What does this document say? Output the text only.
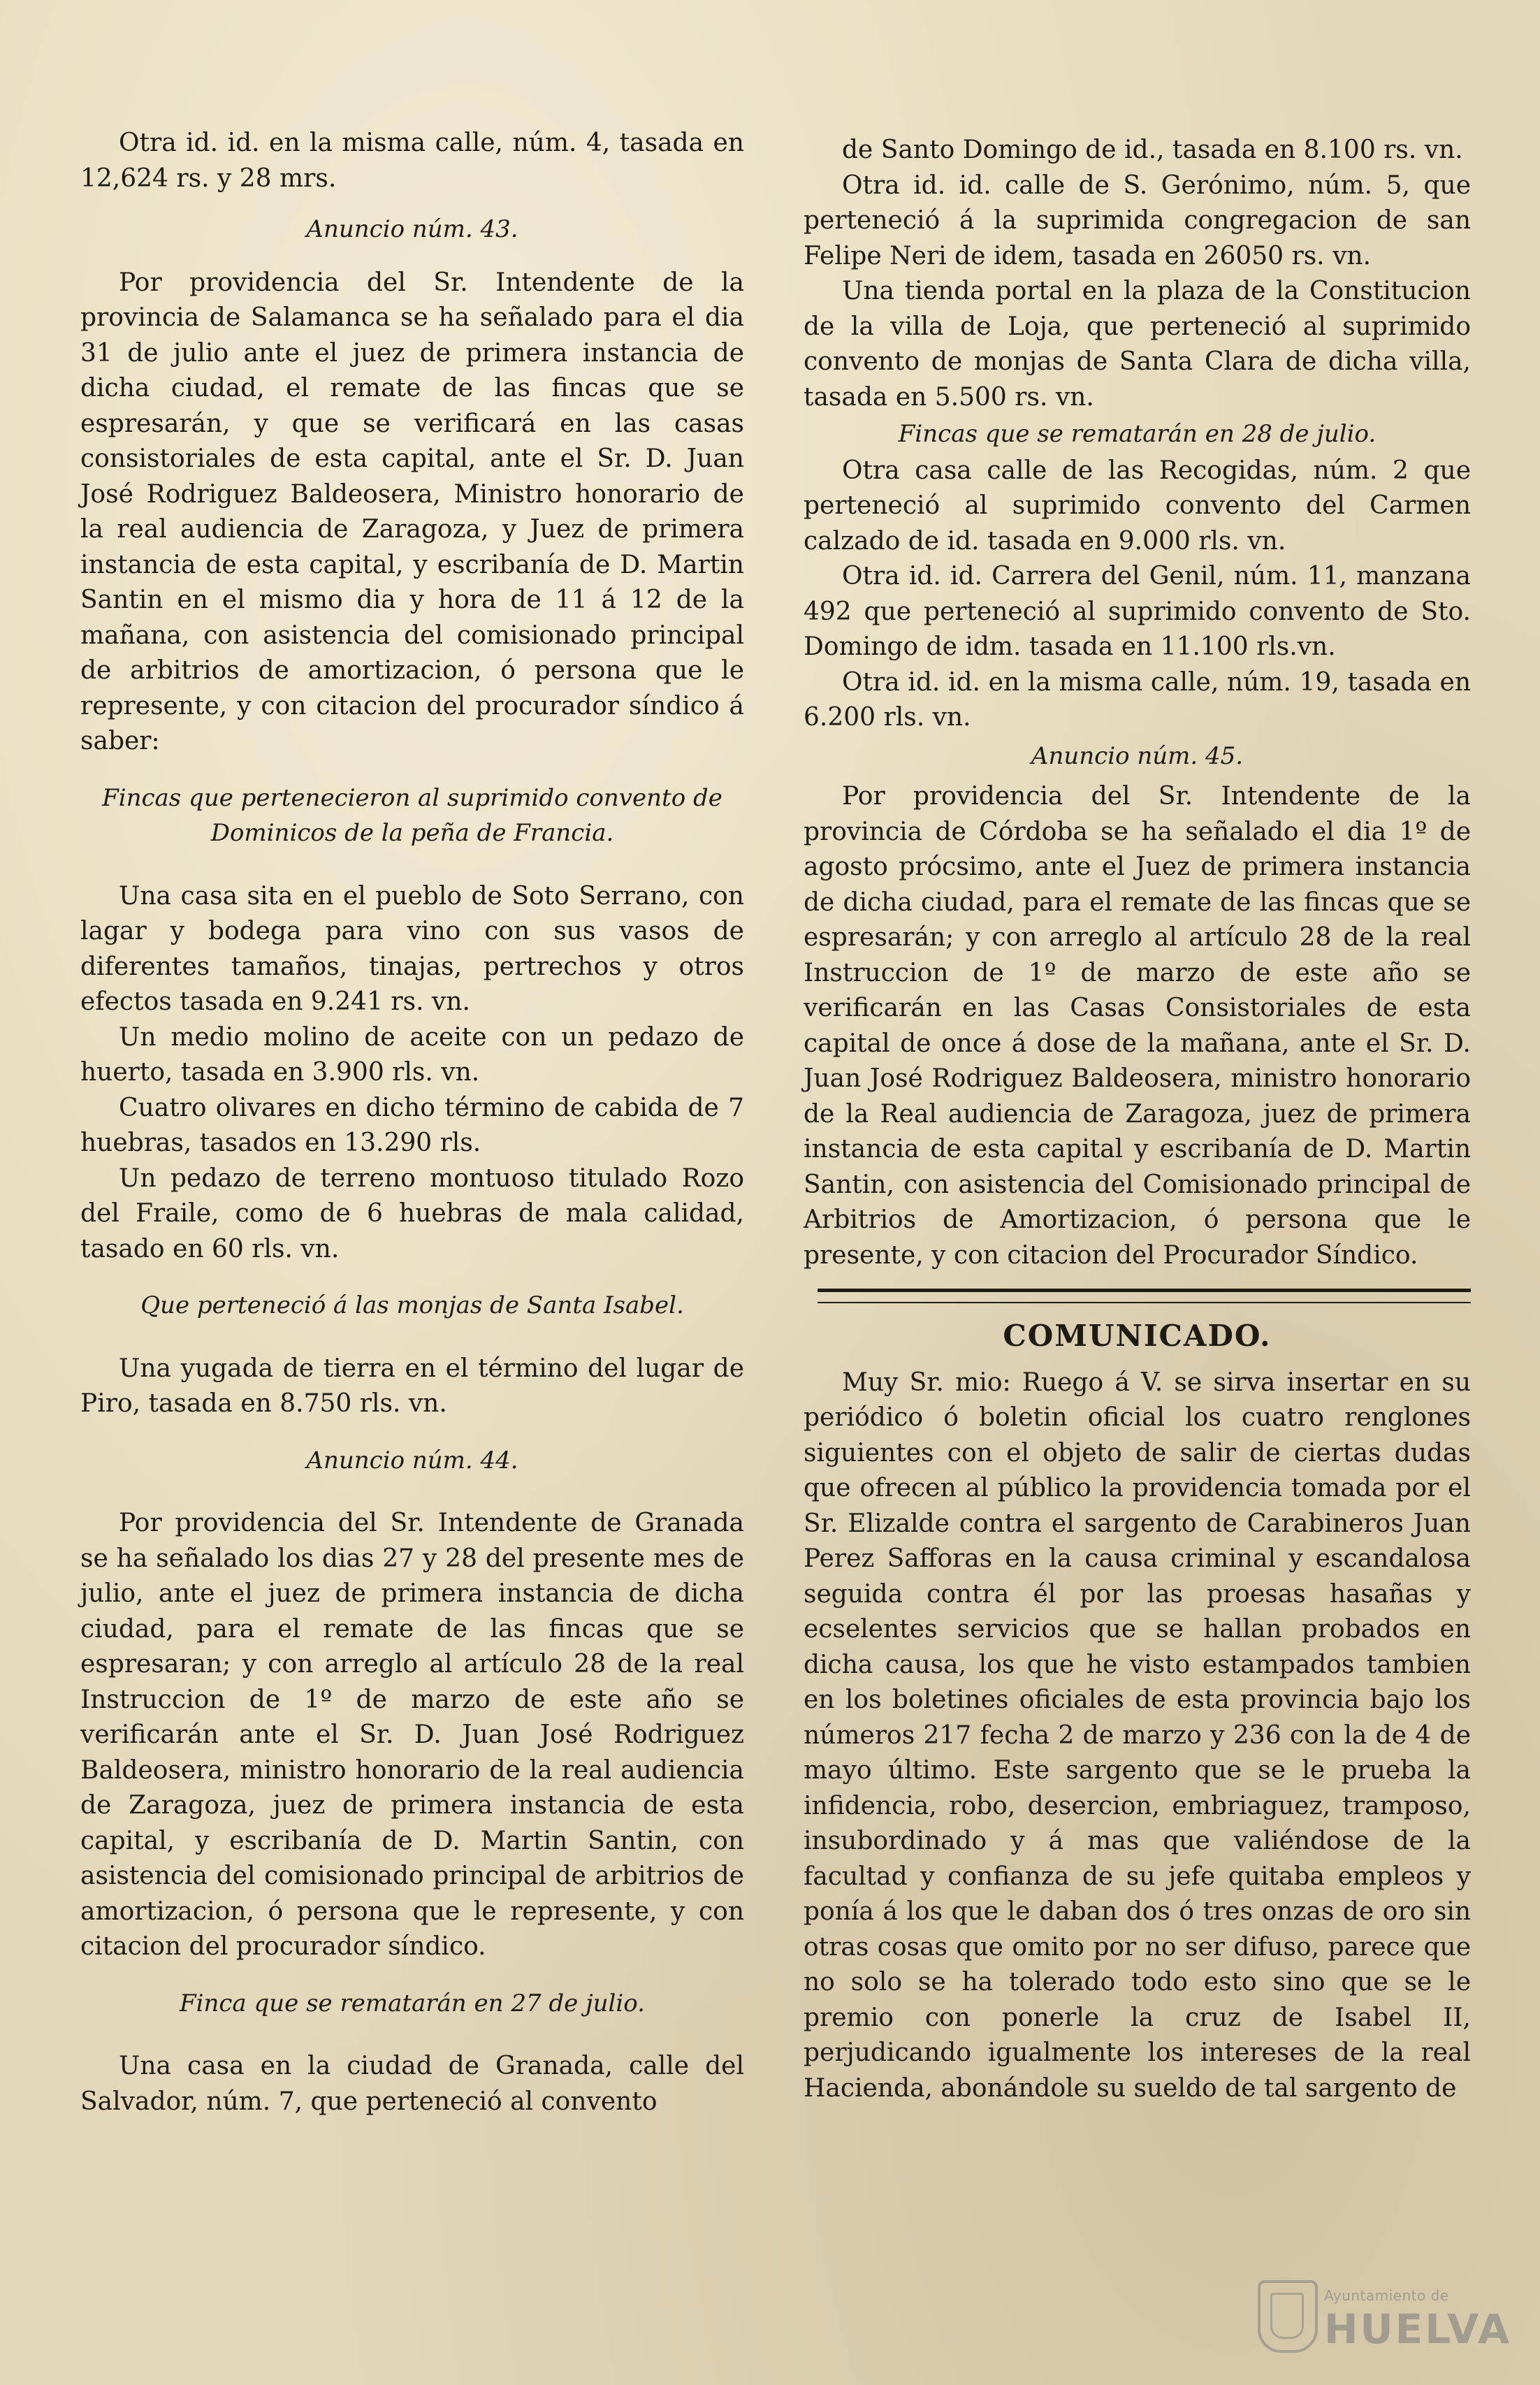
Otra id. id. en la misma calle, núm. 4, tasada en 12,624 rs. y 28 mrs.

Anuncio núm. 43.

Por providencia del Sr. Intendente de la provincia de Salamanca se ha señalado para el dia 31 de julio ante el juez de primera instancia de dicha ciudad, el remate de las fincas que se espresarán, y que se verificará en las casas consistoriales de esta capital, ante el Sr. D. Juan José Rodriguez Baldeosera, Ministro honorario de la real audiencia de Zaragoza, y Juez de primera instancia de esta capital, y escribanía de D. Martin Santin en el mismo dia y hora de 11 á 12 de la mañana, con asistencia del comisionado principal de arbitrios de amortizacion, ó persona que le represente, y con citacion del procurador síndico á saber:

Fincas que pertenecieron al suprimido convento de Dominicos de la peña de Francia.

Una casa sita en el pueblo de Soto Serrano, con lagar y bodega para vino con sus vasos de diferentes tamaños, tinajas, pertrechos y otros efectos tasada en 9.241 rs. vn.

Un medio molino de aceite con un pedazo de huerto, tasada en 3.900 rls. vn.

Cuatro olivares en dicho término de cabida de 7 huebras, tasados en 13.290 rls.

Un pedazo de terreno montuoso titulado Rozo del Fraile, como de 6 huebras de mala calidad, tasado en 60 rls. vn.

Que perteneció á las monjas de Santa Isabel.

Una yugada de tierra en el término del lugar de Piro, tasada en 8.750 rls. vn.

Anuncio núm. 44.

Por providencia del Sr. Intendente de Granada se ha señalado los dias 27 y 28 del presente mes de julio, ante el juez de primera instancia de dicha ciudad, para el remate de las fincas que se espresaran; y con arreglo al artículo 28 de la real Instruccion de 1º de marzo de este año se verificarán ante el Sr. D. Juan José Rodriguez Baldeosera, ministro honorario de la real audiencia de Zaragoza, juez de primera instancia de esta capital, y escribanía de D. Martin Santin, con asistencia del comisionado principal de arbitrios de amortizacion, ó persona que le represente, y con citacion del procurador síndico.

Finca que se rematarán en 27 de julio.

Una casa en la ciudad de Granada, calle del Salvador, núm. 7, que perteneció al convento

de Santo Domingo de id., tasada en 8.100 rs. vn.

Otra id. id. calle de S. Gerónimo, núm. 5, que perteneció á la suprimida congregacion de san Felipe Neri de idem, tasada en 26050 rs. vn.

Una tienda portal en la plaza de la Constitucion de la villa de Loja, que perteneció al suprimido convento de monjas de Santa Clara de dicha villa, tasada en 5.500 rs. vn.

Fincas que se rematarán en 28 de julio.

Otra casa calle de las Recogidas, núm. 2 que perteneció al suprimido convento del Carmen calzado de id. tasada en 9.000 rls. vn.

Otra id. id. Carrera del Genil, núm. 11, manzana 492 que perteneció al suprimido convento de Sto. Domingo de idm. tasada en 11.100 rls.vn.

Otra id. id. en la misma calle, núm. 19, tasada en 6.200 rls. vn.

Anuncio núm. 45.

Por providencia del Sr. Intendente de la provincia de Córdoba se ha señalado el dia 1º de agosto prócsimo, ante el Juez de primera instancia de dicha ciudad, para el remate de las fincas que se espresarán; y con arreglo al artículo 28 de la real Instruccion de 1º de marzo de este año se verificarán en las Casas Consistoriales de esta capital de once á dose de la mañana, ante el Sr. D. Juan José Rodriguez Baldeosera, ministro honorario de la Real audiencia de Zaragoza, juez de primera instancia de esta capital y escribanía de D. Martin Santin, con asistencia del Comisionado principal de Arbitrios de Amortizacion, ó persona que le presente, y con citacion del Procurador Síndico.

COMUNICADO.

Muy Sr. mio: Ruego á V. se sirva insertar en su periódico ó boletin oficial los cuatro renglones siguientes con el objeto de salir de ciertas dudas que ofrecen al público la providencia tomada por el Sr. Elizalde contra el sargento de Carabineros Juan Perez Safforas en la causa criminal y escandalosa seguida contra él por las proesas hasañas y ecselentes servicios que se hallan probados en dicha causa, los que he visto estampados tambien en los boletines oficiales de esta provincia bajo los números 217 fecha 2 de marzo y 236 con la de 4 de mayo último. Este sargento que se le prueba la infidencia, robo, desercion, embriaguez, tramposo, insubordinado y á mas que valiéndose de la facultad y confianza de su jefe quitaba empleos y ponía á los que le daban dos ó tres onzas de oro sin otras cosas que omito por no ser difuso, parece que no solo se ha tolerado todo esto sino que se le premio con ponerle la cruz de Isabel II, perjudicando igualmente los intereses de la real Hacienda, abonándole su sueldo de tal sargento de

Ayuntamiento de
HUELVA
